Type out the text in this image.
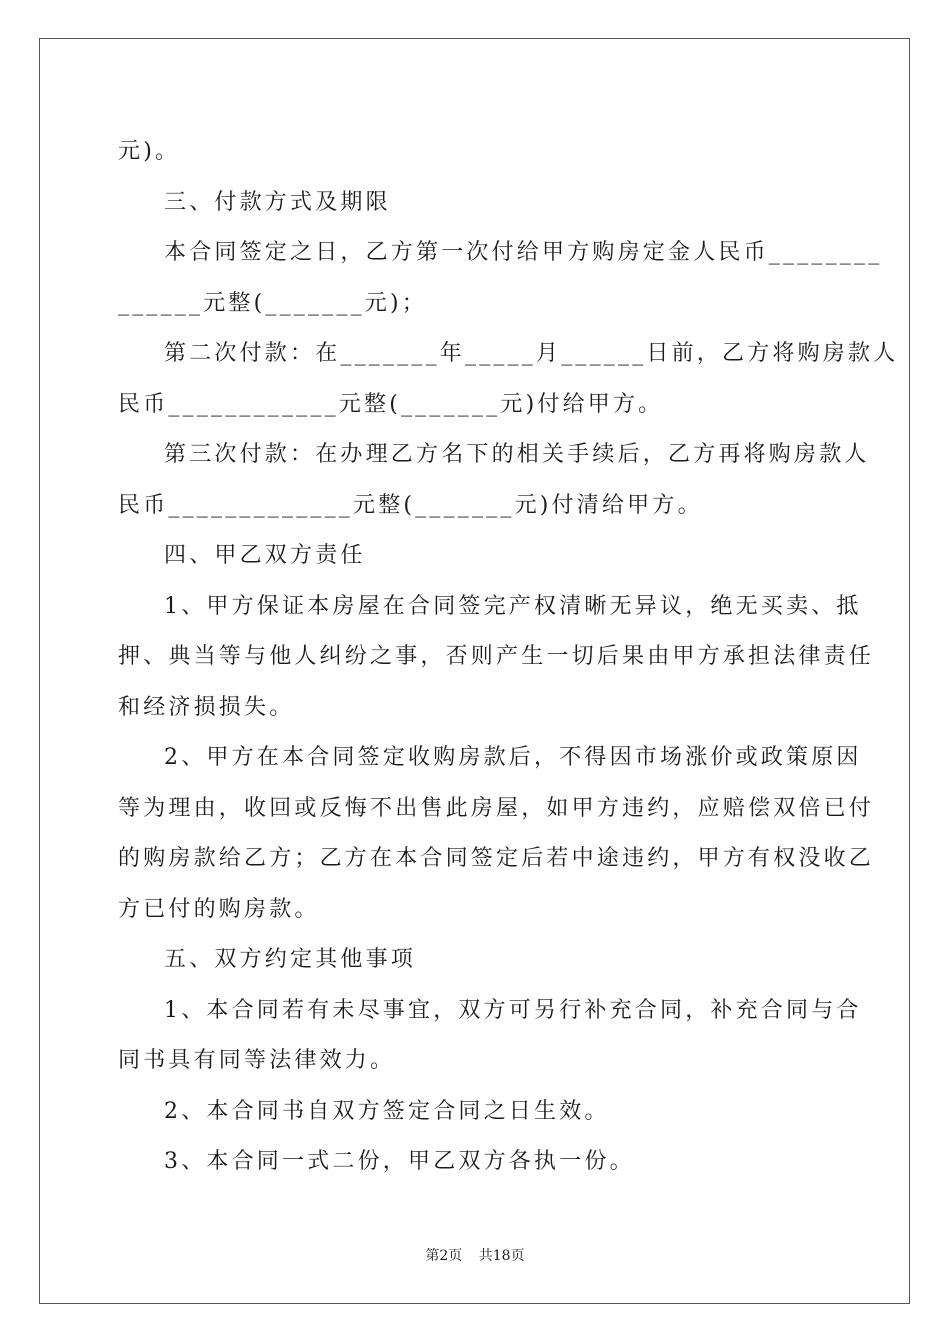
元)。
三、付款方式及期限
本合同签定之日，乙方第一次付给甲方购房定金人民币________
______元整(_______元)；
第二次付款：在_______年_____月______日前，乙方将购房款人
民币____________元整(_______元)付给甲方。
第三次付款：在办理乙方名下的相关手续后，乙方再将购房款人
民币_____________元整(_______元)付清给甲方。
四、甲乙双方责任
1、甲方保证本房屋在合同签完产权清晰无异议，绝无买卖、抵
押、典当等与他人纠纷之事，否则产生一切后果由甲方承担法律责任
和经济损损失。
2、甲方在本合同签定收购房款后，不得因市场涨价或政策原因
等为理由，收回或反悔不出售此房屋，如甲方违约，应赔偿双倍已付
的购房款给乙方；乙方在本合同签定后若中途违约，甲方有权没收乙
方已付的购房款。
五、双方约定其他事项
1、本合同若有未尽事宜，双方可另行补充合同，补充合同与合
同书具有同等法律效力。
2、本合同书自双方签定合同之日生效。
3、本合同一式二份，甲乙双方各执一份。
第2页 共18页
